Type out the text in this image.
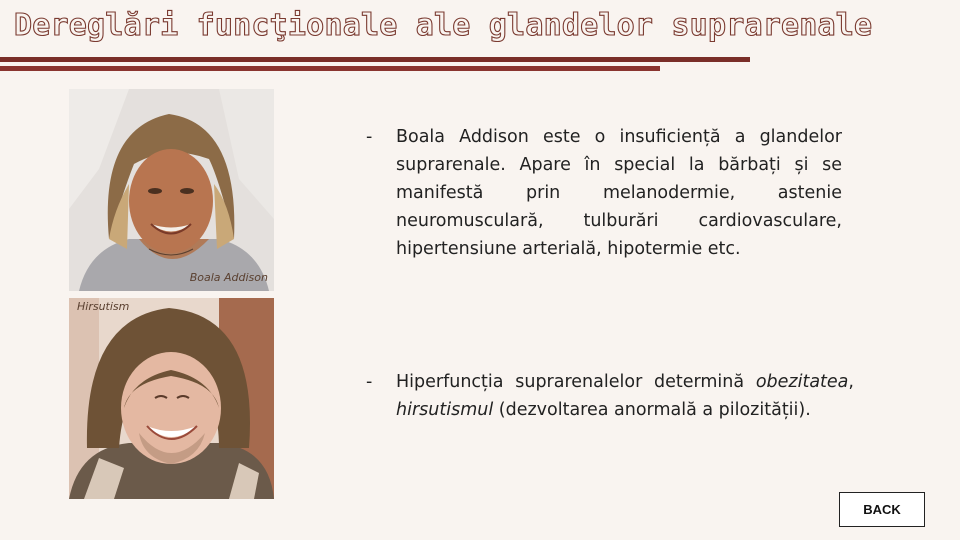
Dereglări funcţionale ale glandelor suprarenale
Boala Addison
Hirsutism
- Boala Addison este o insuficiență a glandelor suprarenale. Apare în special la bărbați și se manifestă prin melanodermie, astenie neuromusculară, tulburări cardiovasculare, hipertensiune arterială, hipotermie etc.
- Hiperfuncția suprarenalelor determină obezitatea, hirsutismul (dezvoltarea anormală a pilozității).
BACK
